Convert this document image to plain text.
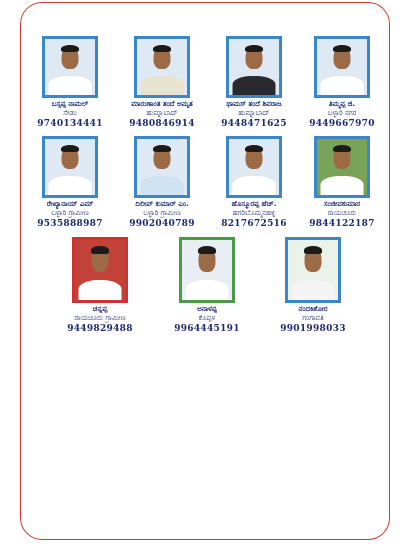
ಬಸ್ಸಪ್ಪ ನಾಮಲ್
ಸೇಡಂ
9740134441
ಮಾರುಣಾಂತ ತಂದೆ ಅಮೃತ
ಹುಮ್ನಾಬಾದ್
9480846914
ಥಾಮಸ್ ತಂದೆ ಶಿವರಾಜ
ಹುಮ್ನಾಬಾದ್
9448471625
ತಿಮ್ಮಪ್ಪ ಜಿ.
ಬಳ್ಳಾರಿ ನಗರ
9449667970
ರೇಖ್ಯಾನಾಯ್ ಎಮ್
ಬಳ್ಳಾರಿ ಗ್ರಾಮೀಣ
9535888987
ದಿಲೀಪ್ ಕುಮಾರ್ ಎಂ.
ಬಳ್ಳಾರಿ ಗ್ರಾಮೀಣ
9902040789
ಹೊಸ್ಮೂರಪ್ಪ ಹೆಚ್.
ಹಗರಿಬೊಮ್ಮನಹಳ್ಳಿ
8217672516
ಸಂಜೀವಕುಮಾರ
ರಾಯಚೂರು
9844122187
ಚನ್ನಪ್ಪ
ರಾಯಚೂರು ಗ್ರಾಮೀಣ
9449829488
ಅನಾಳಪ್ಪ
ಕೊಪ್ಪಳ
9964445191
ನಂದಕಿಶೋರ
ಗಂಗಾವತಿ
9901998033
